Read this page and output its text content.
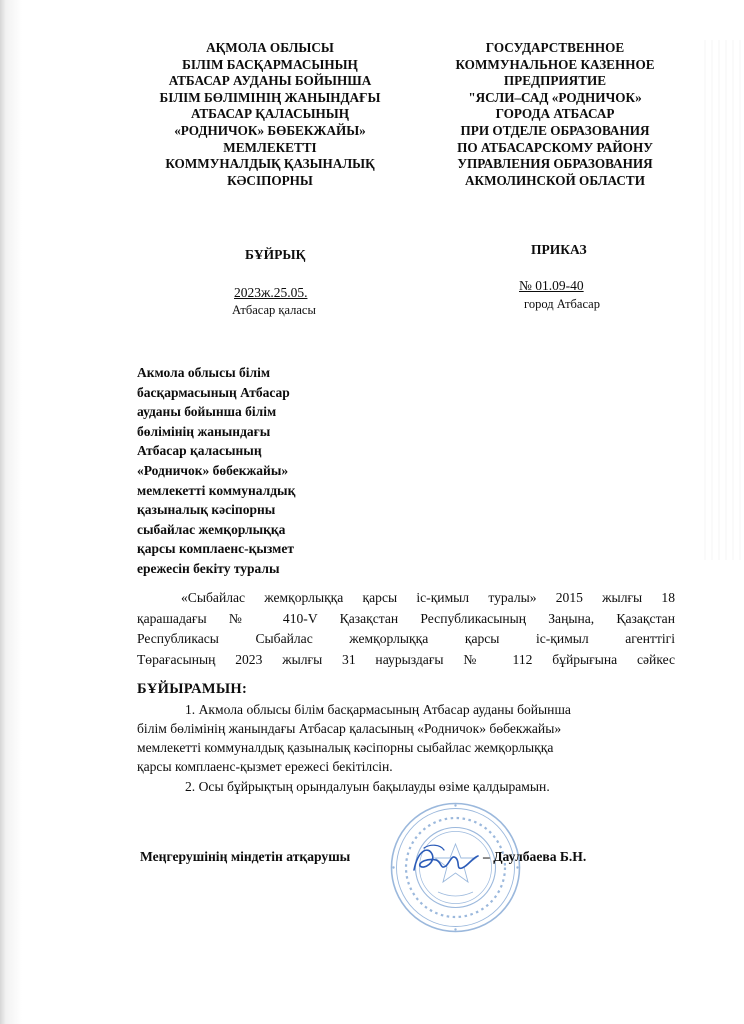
АҚМОЛА ОБЛЫСЫ
БІЛІМ БАСҚАРМАСЫНЫҢ
АТБАСАР АУДАНЫ БОЙЫНША
БІЛІМ БӨЛІМІНІҢ ЖАНЫНДАҒЫ
АТБАСАР ҚАЛАСЫНЫҢ
«РОДНИЧОК» БӨБЕКЖАЙЫ»
МЕМЛЕКЕТТІ
КОММУНАЛДЫҚ ҚАЗЫНАЛЫҚ
КӘСІПОРНЫ
ГОСУДАРСТВЕННОЕ
КОММУНАЛЬНОЕ КАЗЕННОЕ
ПРЕДПРИЯТИЕ
"ЯСЛИ–САД «РОДНИЧОК»
ГОРОДА АТБАСАР
ПРИ ОТДЕЛЕ ОБРАЗОВАНИЯ
ПО АТБАСАРСКОМУ РАЙОНУ
УПРАВЛЕНИЯ ОБРАЗОВАНИЯ
АКМОЛИНСКОЙ ОБЛАСТИ
БҰЙРЫҚ	ПРИКАЗ
2023ж.25.05.
Атбасар қаласы
№ 01.09-40
город Атбасар
Акмола облысы білім
басқармасының Атбасар
ауданы бойынша білім
бөлімінің жанындағы
Атбасар қаласының
«Родничок» бөбекжайы»
мемлекетті коммуналдық
қазыналық кәсіпорны
сыбайлас жемқорлыққа
қарсы комплаенс-қызмет
ережесін бекіту туралы
«Сыбайлас жемқорлыққа қарсы іс-қимыл туралы» 2015 жылғы 18
қарашадағы № 410-V Қазақстан Республикасының Заңына, Қазақстан
Республикасы Сыбайлас жемқорлыққа қарсы іс-қимыл агенттігі
Төрағасының 2023 жылғы 31 наурыздағы № 112 бұйрығына сәйкес
БҰЙЫРАМЫН:
1. Акмола облысы білім басқармасының Атбасар ауданы бойынша
білім бөлімінің жанындағы Атбасар қаласының «Родничок» бөбекжайы»
мемлекетті коммуналдық қазыналық кәсіпорны сыбайлас жемқорлыққа
қарсы комплаенс-қызмет ережесі бекітілсін.
2. Осы бұйрықтың орындалуын бақылауды өзіме қалдырамын.
Меңгерушінің міндетін атқарушы	– Даулбаева Б.Н.
